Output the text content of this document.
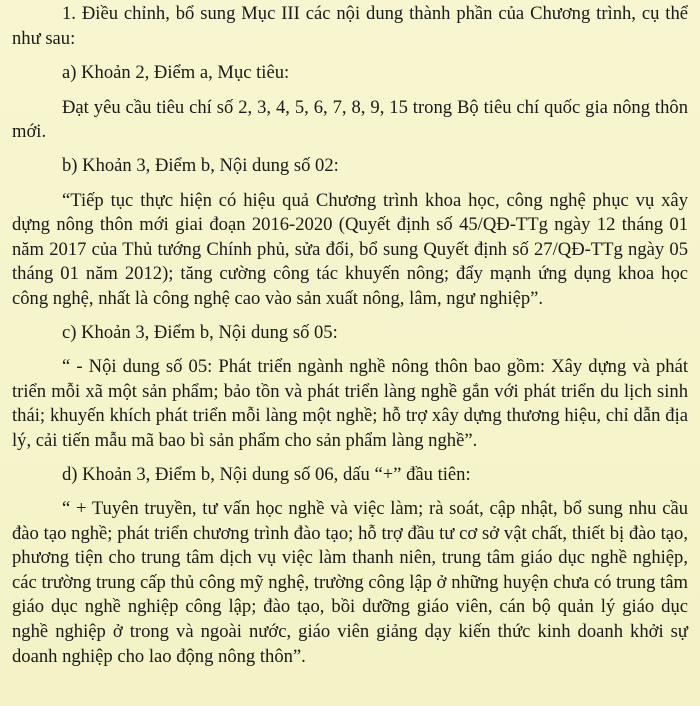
1. Điều chỉnh, bổ sung Mục III các nội dung thành phần của Chương trình, cụ thể như sau:

a) Khoản 2, Điểm a, Mục tiêu:

Đạt yêu cầu tiêu chí số 2, 3, 4, 5, 6, 7, 8, 9, 15 trong Bộ tiêu chí quốc gia nông thôn mới.

b) Khoản 3, Điểm b, Nội dung số 02:

“Tiếp tục thực hiện có hiệu quả Chương trình khoa học, công nghệ phục vụ xây dựng nông thôn mới giai đoạn 2016-2020 (Quyết định số 45/QĐ-TTg ngày 12 tháng 01 năm 2017 của Thủ tướng Chính phủ, sửa đổi, bổ sung Quyết định số 27/QĐ-TTg ngày 05 tháng 01 năm 2012); tăng cường công tác khuyến nông; đẩy mạnh ứng dụng khoa học công nghệ, nhất là công nghệ cao vào sản xuất nông, lâm, ngư nghiệp”.

c) Khoản 3, Điểm b, Nội dung số 05:

“ - Nội dung số 05: Phát triển ngành nghề nông thôn bao gồm: Xây dựng và phát triển mỗi xã một sản phẩm; bảo tồn và phát triển làng nghề gắn với phát triển du lịch sinh thái; khuyến khích phát triển mỗi làng một nghề; hỗ trợ xây dựng thương hiệu, chỉ dẫn địa lý, cải tiến mẫu mã bao bì sản phẩm cho sản phẩm làng nghề”.

d) Khoản 3, Điểm b, Nội dung số 06, dấu “+” đầu tiên:

“ + Tuyên truyền, tư vấn học nghề và việc làm; rà soát, cập nhật, bổ sung nhu cầu đào tạo nghề; phát triển chương trình đào tạo; hỗ trợ đầu tư cơ sở vật chất, thiết bị đào tạo, phương tiện cho trung tâm dịch vụ việc làm thanh niên, trung tâm giáo dục nghề nghiệp, các trường trung cấp thủ công mỹ nghệ, trường công lập ở những huyện chưa có trung tâm giáo dục nghề nghiệp công lập; đào tạo, bồi dưỡng giáo viên, cán bộ quản lý giáo dục nghề nghiệp ở trong và ngoài nước, giáo viên giảng dạy kiến thức kinh doanh khởi sự doanh nghiệp cho lao động nông thôn”.
